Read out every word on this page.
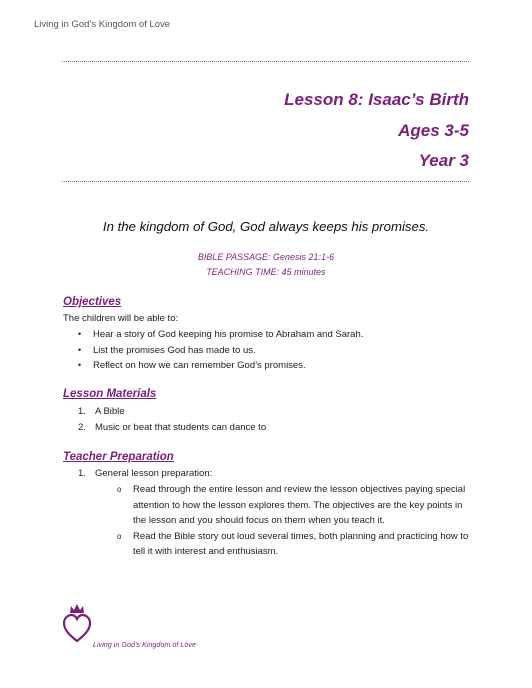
Living in God’s Kingdom of Love
Lesson 8: Isaac’s Birth
Ages 3-5
Year 3
In the kingdom of God, God always keeps his promises.
BIBLE PASSAGE: Genesis 21:1-6
TEACHING TIME: 45 minutes
Objectives
The children will be able to:
• Hear a story of God keeping his promise to Abraham and Sarah.
• List the promises God has made to us.
• Reflect on how we can remember God’s promises.
Lesson Materials
1. A Bible
2. Music or beat that students can dance to
Teacher Preparation
1. General lesson preparation:
o Read through the entire lesson and review the lesson objectives paying special attention to how the lesson explores them. The objectives are the key points in the lesson and you should focus on them when you teach it.
o Read the Bible story out loud several times, both planning and practicing how to tell it with interest and enthusiasm.
Living in God’s Kingdom of Love
